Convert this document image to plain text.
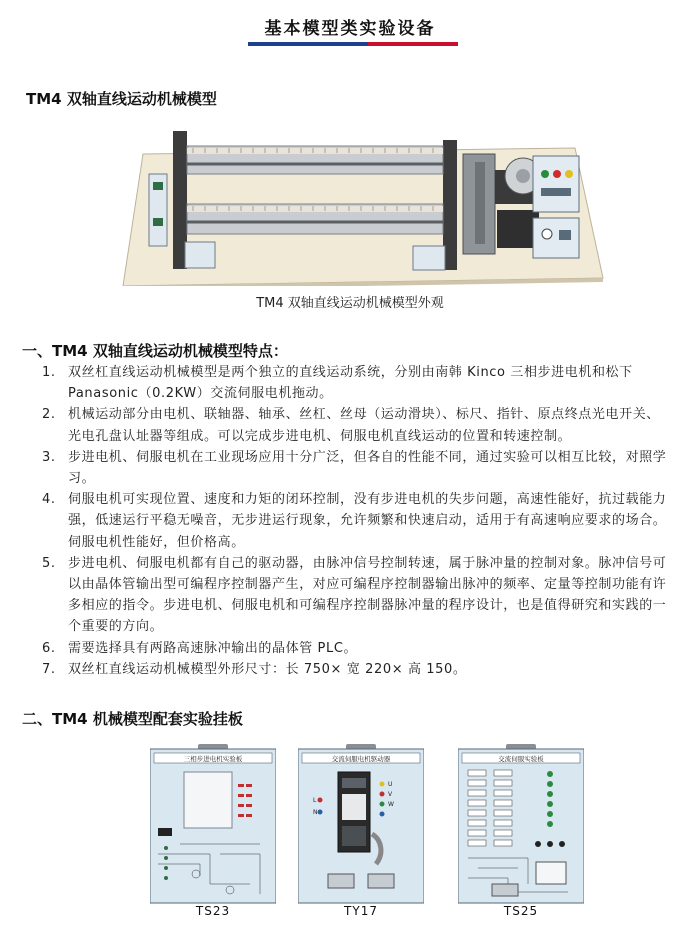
基本模型类实验设备
TM4 双轴直线运动机械模型
TM4 双轴直线运动机械模型外观
一、TM4 双轴直线运动机械模型特点：
1. 双丝杠直线运动机械模型是两个独立的直线运动系统，分别由南韩 Kinco 三相步进电机和松下 Panasonic（0.2KW）交流伺服电机拖动。
2. 机械运动部分由电机、联轴器、轴承、丝杠、丝母（运动滑块）、标尺、指针、原点终点光电开关、光电孔盘认址器等组成。可以完成步进电机、伺服电机直线运动的位置和转速控制。
3. 步进电机、伺服电机在工业现场应用十分广泛，但各自的性能不同，通过实验可以相互比较，对照学习。
4. 伺服电机可实现位置、速度和力矩的闭环控制，没有步进电机的失步问题，高速性能好，抗过载能力强，低速运行平稳无噪音，无步进运行现象，允许频繁和快速启动，适用于有高速响应要求的场合。伺服电机性能好，但价格高。
5. 步进电机、伺服电机都有自己的驱动器，由脉冲信号控制转速，属于脉冲量的控制对象。脉冲信号可以由晶体管输出型可编程序控制器产生，对应可编程序控制器输出脉冲的频率、定量等控制功能有许多相应的指令。步进电机、伺服电机和可编程序控制器脉冲量的程序设计，也是值得研究和实践的一个重要的方向。
6. 需要选择具有两路高速脉冲输出的晶体管 PLC。
7. 双丝杠直线运动机械模型外形尺寸：长 750× 宽 220× 高 150。
二、TM4 机械模型配套实验挂板
三相步进电机实验板
TS23
交流伺服电机驱动器
L
N
U
V
W
TY17
交流伺服实验板
TS25
